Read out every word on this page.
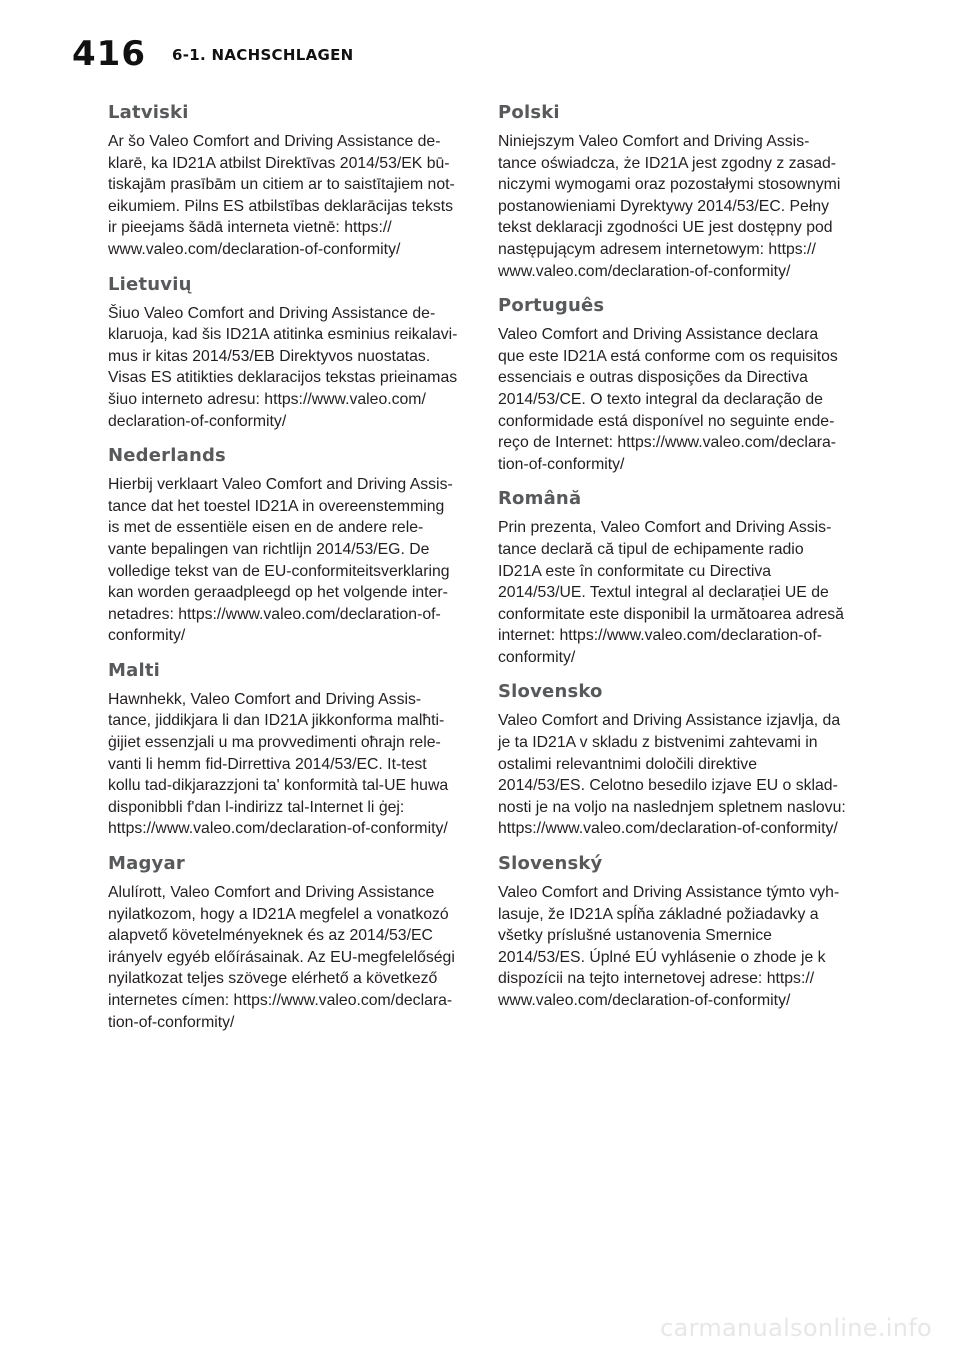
416 6-1. NACHSCHLAGEN
Latviski

Ar šo Valeo Comfort and Driving Assistance de-
klarē, ka ID21A atbilst Direktīvas 2014/53/EK bū-
tiskajām prasībām un citiem ar to saistītajiem not-
eikumiem. Pilns ES atbilstības deklarācijas teksts
ir pieejams šādā interneta vietnē: https://
www.valeo.com/declaration-of-conformity/

Lietuvių

Šiuo Valeo Comfort and Driving Assistance de-
klaruoja, kad šis ID21A atitinka esminius reikalavi-
mus ir kitas 2014/53/EB Direktyvos nuostatas.
Visas ES atitikties deklaracijos tekstas prieinamas
šiuo interneto adresu: https://www.valeo.com/
declaration-of-conformity/

Nederlands

Hierbij verklaart Valeo Comfort and Driving Assis-
tance dat het toestel ID21A in overeenstemming
is met de essentiële eisen en de andere rele-
vante bepalingen van richtlijn 2014/53/EG. De
volledige tekst van de EU-conformiteitsverklaring
kan worden geraadpleegd op het volgende inter-
netadres: https://www.valeo.com/declaration-of-
conformity/

Malti

Hawnhekk, Valeo Comfort and Driving Assis-
tance, jiddikjara li dan ID21A jikkonforma malħti-
ġijiet essenzjali u ma provvedimenti oħrajn rele-
vanti li hemm fid-Dirrettiva 2014/53/EC. It-test
kollu tad-dikjarazzjoni ta' konformità tal-UE huwa
disponibbli f'dan l-indirizz tal-Internet li ġej:
https://www.valeo.com/declaration-of-conformity/

Magyar

Alulírott, Valeo Comfort and Driving Assistance
nyilatkozom, hogy a ID21A megfelel a vonatkozó
alapvető követelményeknek és az 2014/53/EC
irányelv egyéb előírásainak. Az EU-megfelelőségi
nyilatkozat teljes szövege elérhető a következő
internetes címen: https://www.valeo.com/declara-
tion-of-conformity/

Polski

Niniejszym Valeo Comfort and Driving Assis-
tance oświadcza, że ID21A jest zgodny z zasad-
niczymi wymogami oraz pozostałymi stosownymi
postanowieniami Dyrektywy 2014/53/EC. Pełny
tekst deklaracji zgodności UE jest dostępny pod
następującym adresem internetowym: https://
www.valeo.com/declaration-of-conformity/

Português

Valeo Comfort and Driving Assistance declara
que este ID21A está conforme com os requisitos
essenciais e outras disposições da Directiva
2014/53/CE. O texto integral da declaração de
conformidade está disponível no seguinte ende-
reço de Internet: https://www.valeo.com/declara-
tion-of-conformity/

Română

Prin prezenta, Valeo Comfort and Driving Assis-
tance declară că tipul de echipamente radio
ID21A este în conformitate cu Directiva
2014/53/UE. Textul integral al declarației UE de
conformitate este disponibil la următoarea adresă
internet: https://www.valeo.com/declaration-of-
conformity/

Slovensko

Valeo Comfort and Driving Assistance izjavlja, da
je ta ID21A v skladu z bistvenimi zahtevami in
ostalimi relevantnimi določili direktive
2014/53/ES. Celotno besedilo izjave EU o sklad-
nosti je na voljo na naslednjem spletnem naslovu:
https://www.valeo.com/declaration-of-conformity/

Slovenský

Valeo Comfort and Driving Assistance týmto vyh-
lasuje, že ID21A spĺňa základné požiadavky a
všetky príslušné ustanovenia Smernice
2014/53/ES. Úplné EÚ vyhlásenie o zhode je k
dispozícii na tejto internetovej adrese: https://
www.valeo.com/declaration-of-conformity/

carmanualsonline.info
